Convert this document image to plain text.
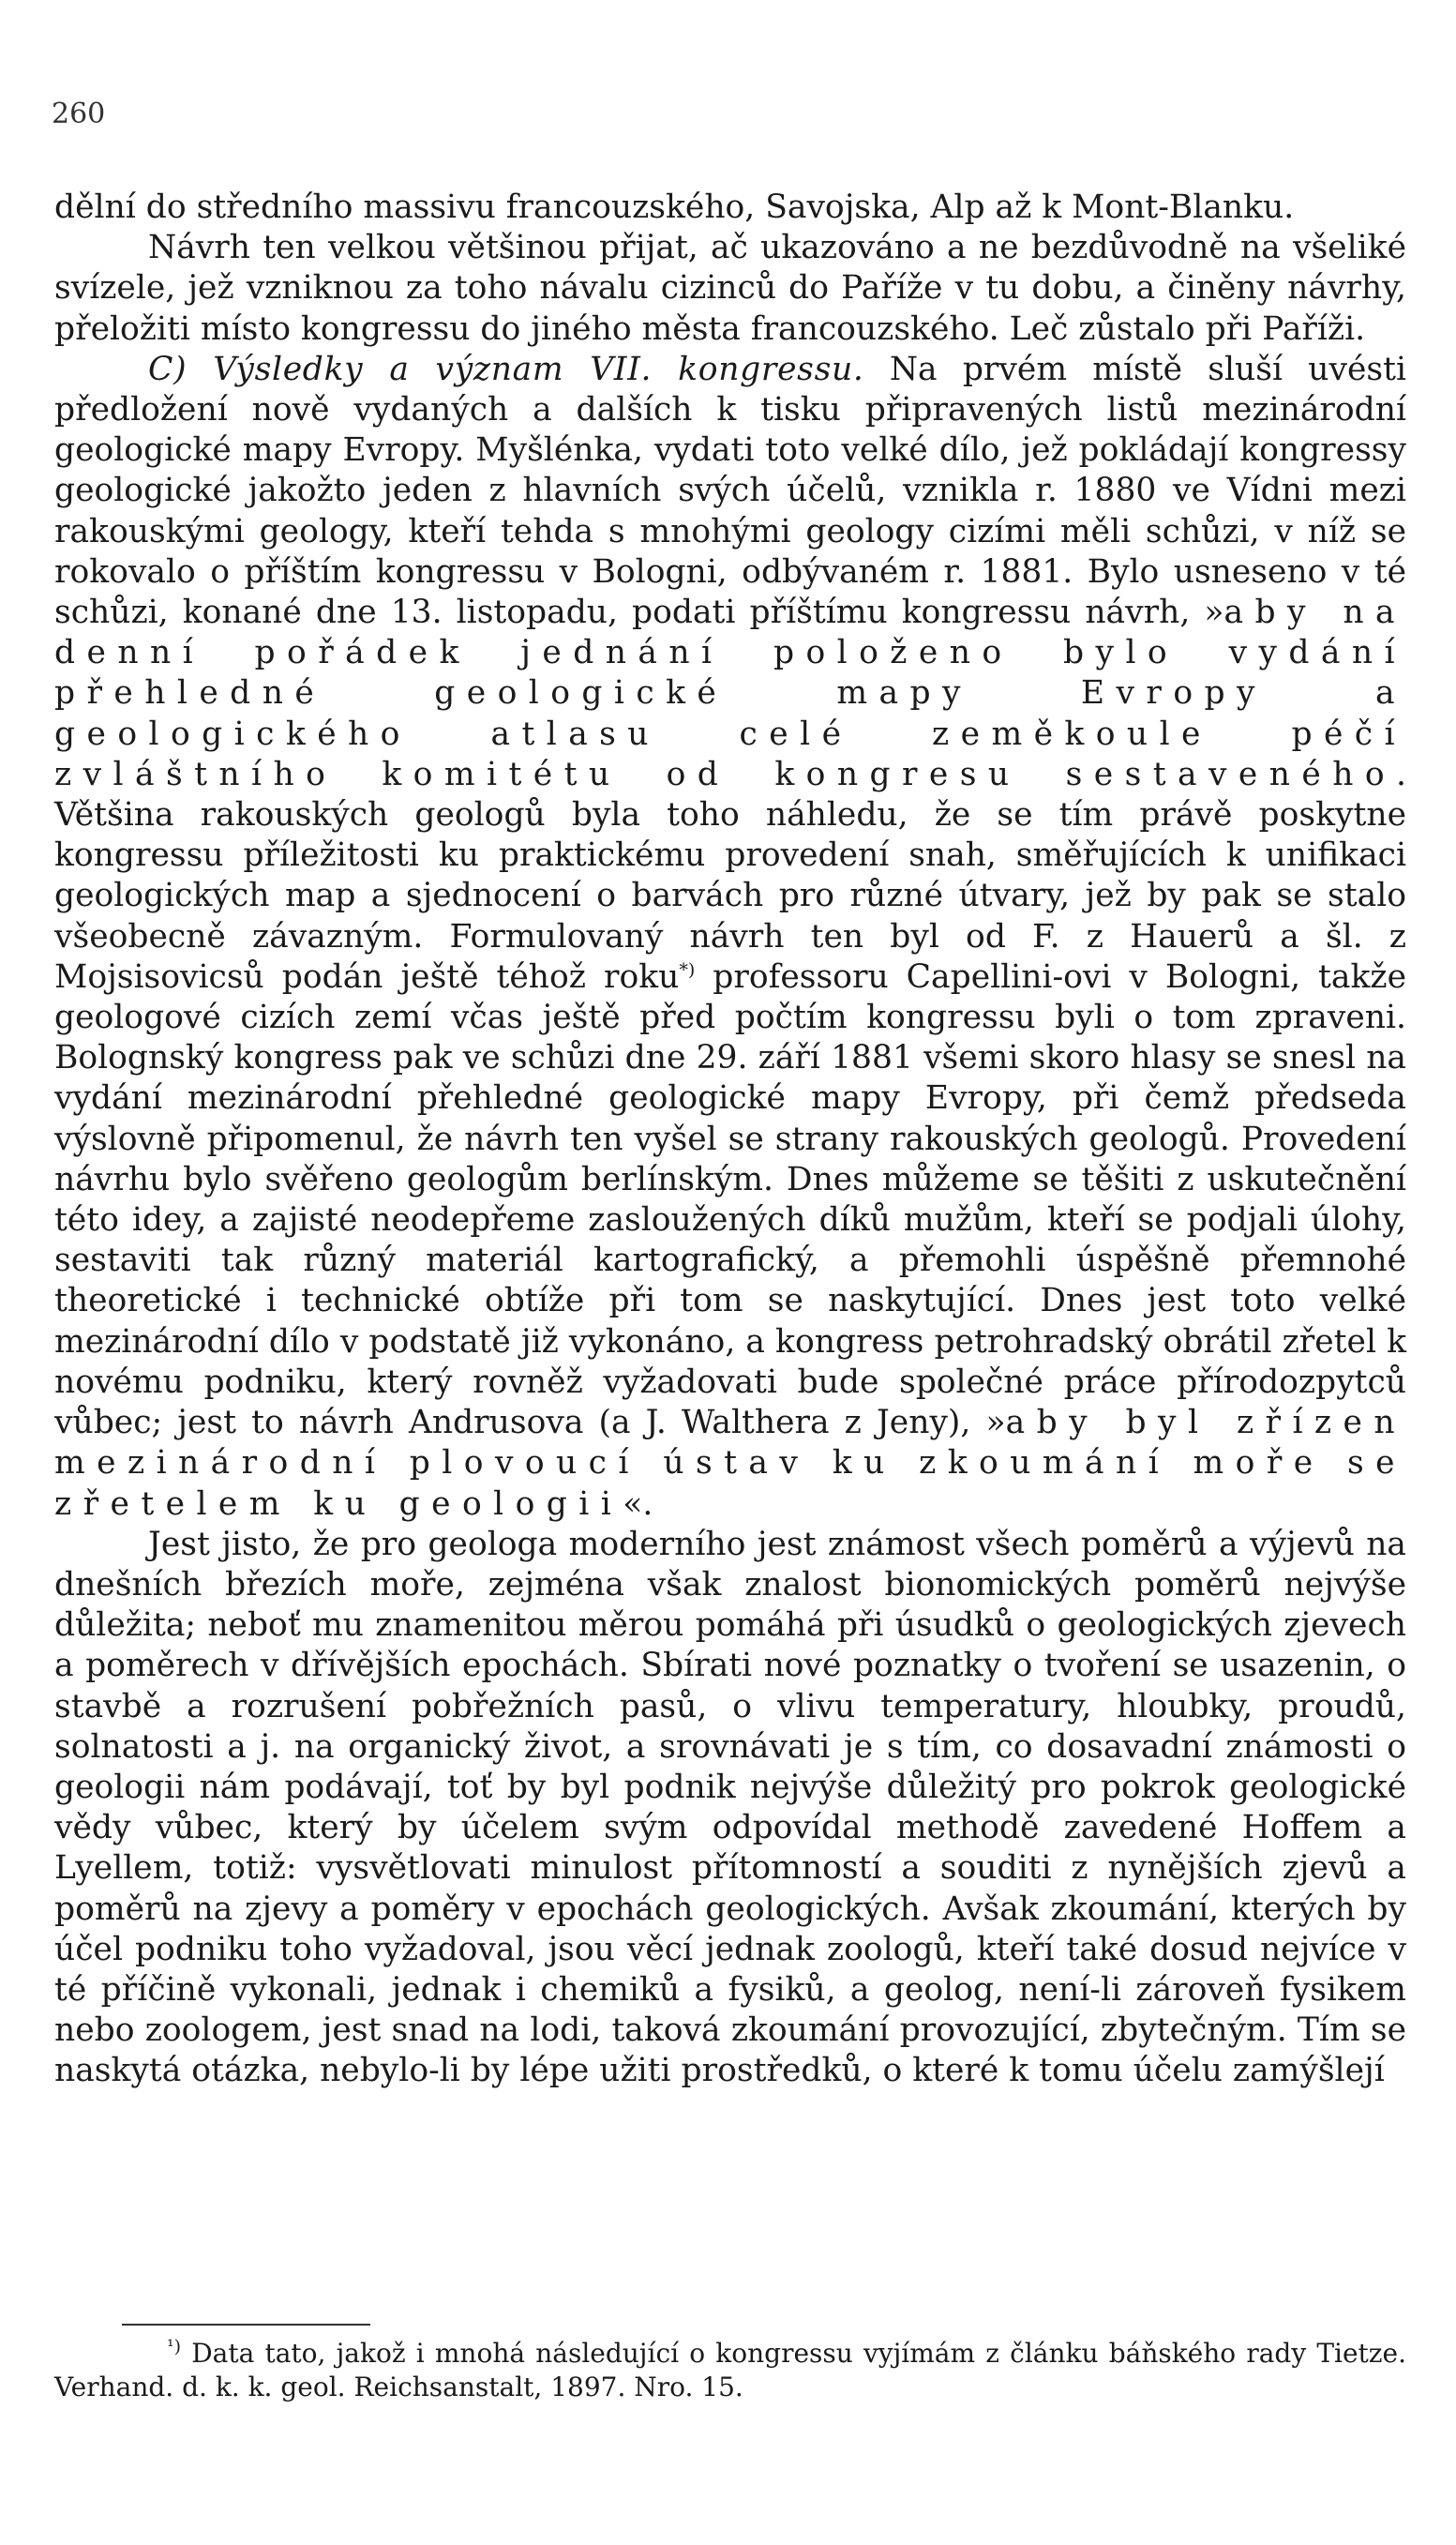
260

dělní do středního massivu francouzského, Savojska, Alp až k Mont-Blanku.

Návrh ten velkou většinou přijat, ač ukazováno a ne bezdůvodně na všeliké svízele, jež vzniknou za toho návalu cizinců do Paříže v tu dobu, a činěny návrhy, přeložiti místo kongressu do jiného města francouzského. Leč zůstalo při Paříži.

C) Výsledky a význam VII. kongressu. Na prvém místě sluší uvésti předložení nově vydaných a dalších k tisku připravených listů mezinárodní geologické mapy Evropy. Myšlénka, vydati toto velké dílo, jež pokládají kongressy geologické jakožto jeden z hlavních svých účelů, vznikla r. 1880 ve Vídni mezi rakouskými geology, kteří tehda s mnohými geology cizími měli schůzi, v níž se rokovalo o příštím kongressu v Bologni, odbývaném r. 1881. Bylo usneseno v té schůzi, konané dne 13. listopadu, podati příštímu kongressu návrh, »aby na denní pořádek jednání položeno bylo vydání přehledné geologické mapy Evropy a geologického atlasu celé zeměkoule péčí zvláštního komitétu od kongresu sestaveného. Většina rakouských geologů byla toho náhledu, že se tím právě poskytne kongressu příležitosti ku praktickému provedení snah, směřujících k unifikaci geologických map a sjednocení o barvách pro různé útvary, jež by pak se stalo všeobecně závazným. Formulovaný návrh ten byl od F. z Hauerů a šl. z Mojsisovicsů podán ještě téhož roku*) professoru Capellini-ovi v Bologni, takže geologové cizích zemí včas ještě před počtím kongressu byli o tom zpraveni. Bolognský kongress pak ve schůzi dne 29. září 1881 všemi skoro hlasy se snesl na vydání mezinárodní přehledné geologické mapy Evropy, při čemž předseda výslovně připomenul, že návrh ten vyšel se strany rakouských geologů. Provedení návrhu bylo svěřeno geologům berlínským. Dnes můžeme se těšiti z uskutečnění této idey, a zajisté neodepřeme zasloužených díků mužům, kteří se podjali úlohy, sestaviti tak různý materiál kartografický, a přemohli úspěšně přemnohé theoretické i technické obtíže při tom se naskytující. Dnes jest toto velké mezinárodní dílo v podstatě již vykonáno, a kongress petrohradský obrátil zřetel k novému podniku, který rovněž vyžadovati bude společné práce přírodozpytců vůbec; jest to návrh Andrusova (a J. Walthera z Jeny), »aby byl zřízen mezinárodní plovoucí ústav ku zkoumání moře se zřetelem ku geologii«.

Jest jisto, že pro geologa moderního jest známost všech poměrů a výjevů na dnešních březích moře, zejména však znalost bionomických poměrů nejvýše důležita; neboť mu znamenitou měrou pomáhá při úsudků o geologických zjevech a poměrech v dřívějších epochách. Sbírati nové poznatky o tvoření se usazenin, o stavbě a rozrušení pobřežních pasů, o vlivu temperatury, hloubky, proudů, solnatosti a j. na organický život, a srovnávati je s tím, co dosavadní známosti o geologii nám podávají, toť by byl podnik nejvýše důležitý pro pokrok geologické vědy vůbec, který by účelem svým odpovídal methodě zavedené Hoffem a Lyellem, totiž: vysvětlovati minulost přítomností a souditi z nynějších zjevů a poměrů na zjevy a poměry v epochách geologických. Avšak zkoumání, kterých by účel podniku toho vyžadoval, jsou věcí jednak zoologů, kteří také dosud nejvíce v té příčině vykonali, jednak i chemiků a fysiků, a geolog, není-li zároveň fysikem nebo zoologem, jest snad na lodi, taková zkoumání provozující, zbytečným. Tím se naskytá otázka, nebylo-li by lépe užiti prostředků, o které k tomu účelu zamýšlejí

$^{^1)}$ Data tato, jakož i mnohá následující o kongressu vyjímám z článku báňského rady Tietze. Verhand. d. k. k. geol. Reichsanstalt, 1897. Nro. 15.
